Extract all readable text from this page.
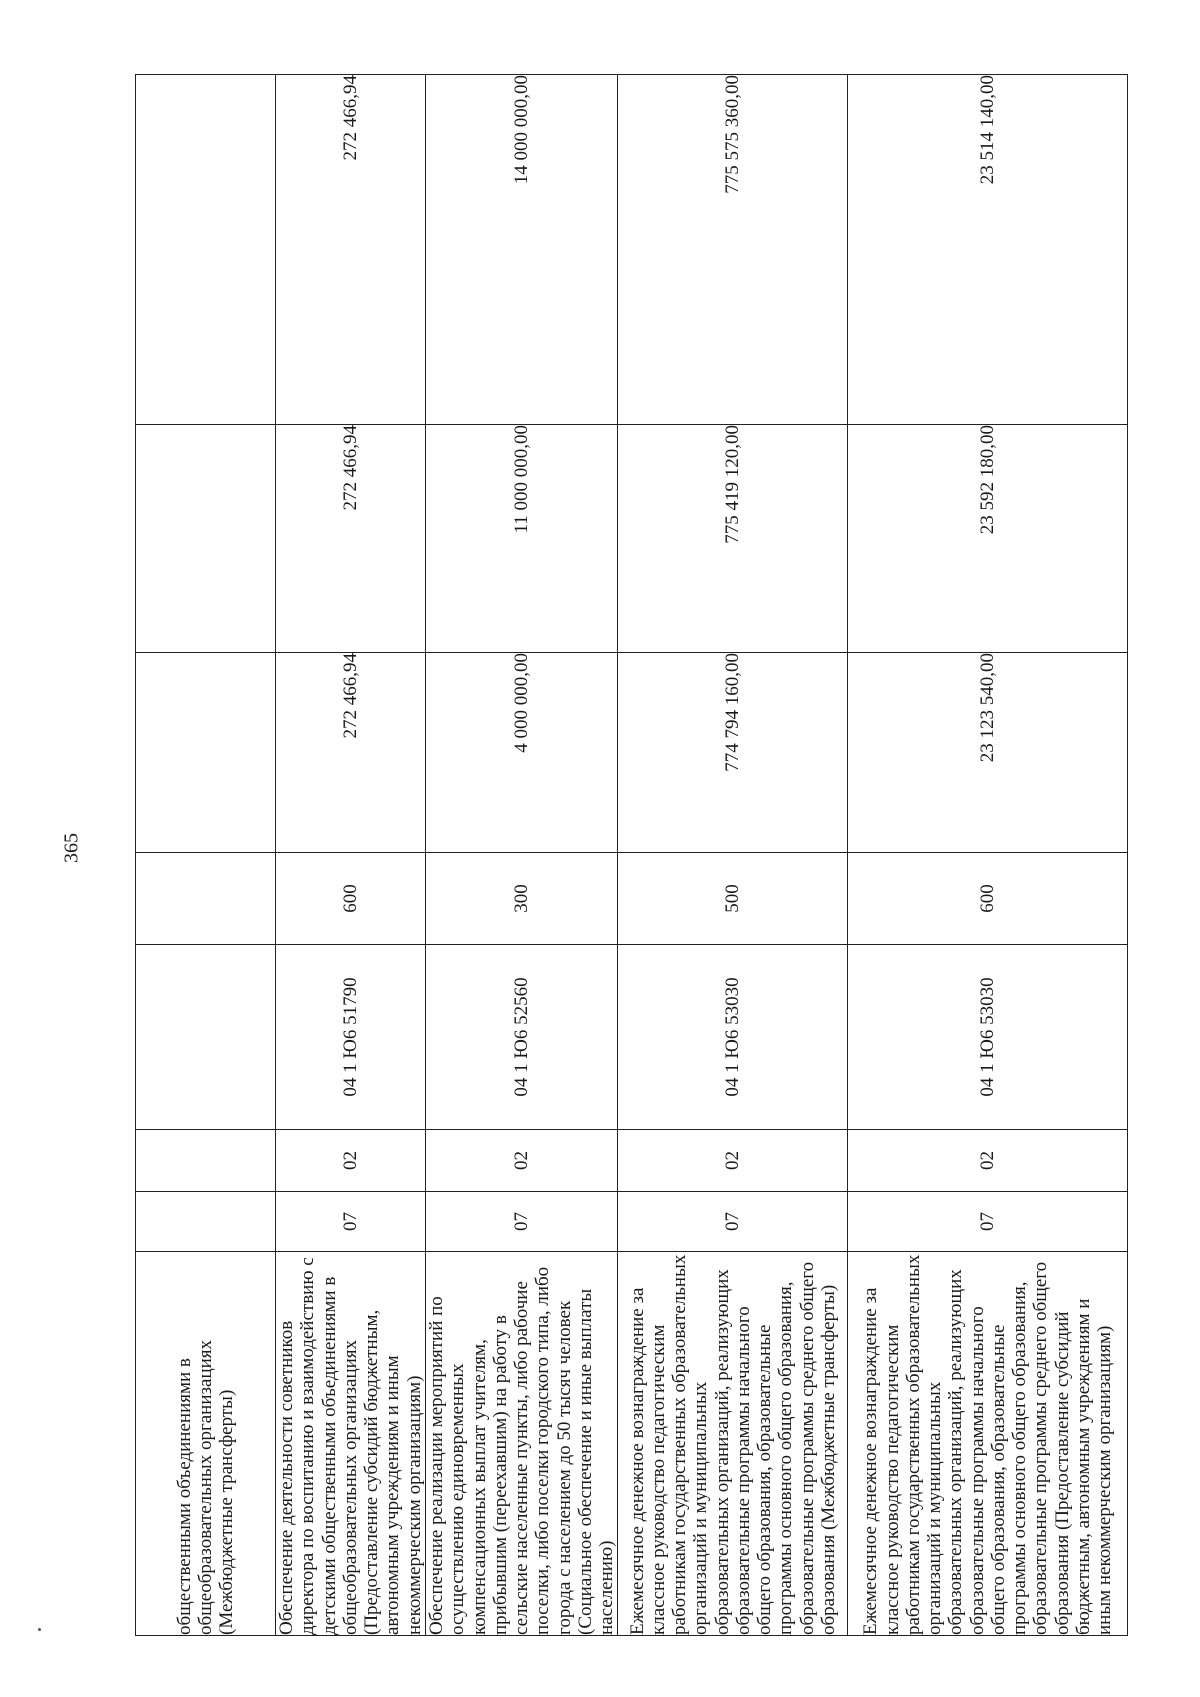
365
общественными объединениями в общеобразовательных организациях (Межбюджетные трансферты)							
Обеспечение деятельности советников директора по воспитанию и взаимодействию с детскими общественными объединениями в общеобразовательных организациях (Предоставление субсидий бюджетным, автономным учреждениям и иным некоммерческим организациям)	07	02	04 1 Ю6 51790	600	272 466,94	272 466,94	272 466,94
Обеспечение реализации мероприятий по осуществлению единовременных компенсационных выплат учителям, прибывшим (переехавшим) на работу в сельские населенные пункты, либо рабочие поселки, либо поселки городского типа, либо города с населением до 50 тысяч человек (Социальное обеспечение и иные выплаты населению)	07	02	04 1 Ю6 52560	300	4 000 000,00	11 000 000,00	14 000 000,00
Ежемесячное денежное вознаграждение за классное руководство педагогическим работникам государственных образовательных организаций и муниципальных образовательных организаций, реализующих образовательные программы начального общего образования, образовательные программы основного общего образования, образовательные программы среднего общего образования (Межбюджетные трансферты)	07	02	04 1 Ю6 53030	500	774 794 160,00	775 419 120,00	775 575 360,00
Ежемесячное денежное вознаграждение за классное руководство педагогическим работникам государственных образовательных организаций и муниципальных образовательных организаций, реализующих образовательные программы начального общего образования, образовательные программы основного общего образования, образовательные программы среднего общего образования (Предоставление субсидий бюджетным, автономным учреждениям и иным некоммерческим организациям)	07	02	04 1 Ю6 53030	600	23 123 540,00	23 592 180,00	23 514 140,00
